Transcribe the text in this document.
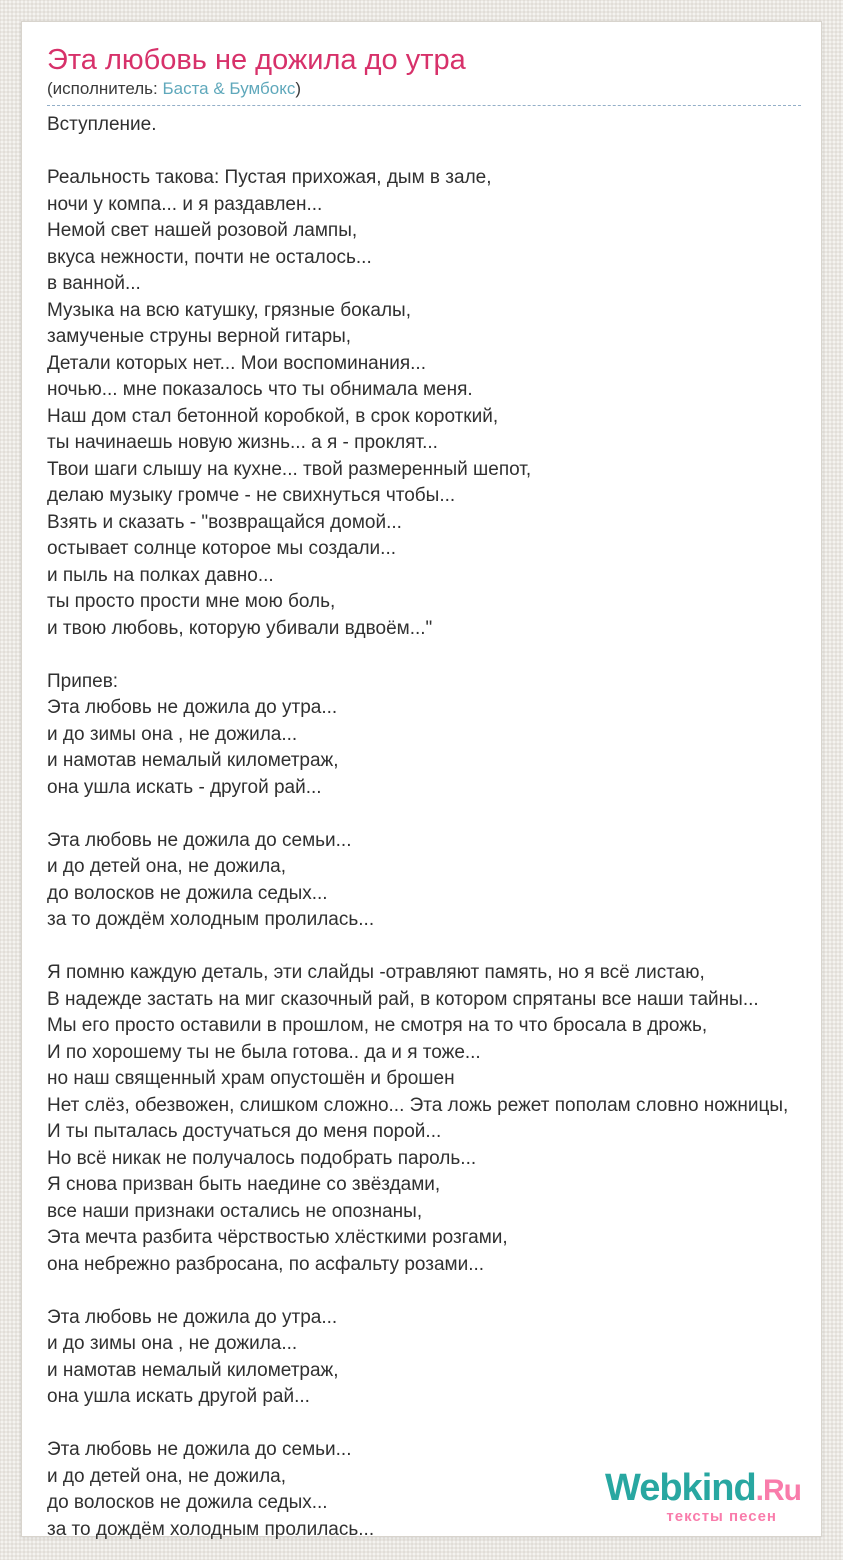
Эта любовь не дожила до утра
(исполнитель: Баста & Бумбокс)
Вступление.

Реальность такова: Пустая прихожая, дым в зале,
ночи у компа... и я раздавлен...
Немой свет нашей розовой лампы,
вкуса нежности, почти не осталось...
в ванной...
Музыка на всю катушку, грязные бокалы,
замученые струны верной гитары,
Детали которых нет... Мои воспоминания...
ночью... мне показалось что ты обнимала меня.
Наш дом стал бетонной коробкой, в срок короткий,
ты начинаешь новую жизнь... а я - проклят...
Твои шаги слышу на кухне... твой размеренный шепот,
делаю музыку громче - не свихнуться чтобы...
Взять и сказать - "возвращайся домой...
остывает солнце которое мы создали...
и пыль на полках давно...
ты просто прости мне мою боль,
и твою любовь, которую убивали вдвоём..."

Припев:
Эта любовь не дожила до утра...
и до зимы она , не дожила...
и намотав немалый километраж,
она ушла искать - другой рай...

Эта любовь не дожила до семьи...
и до детей она, не дожила,
до волосков не дожила седых...
за то дождём холодным пролилась...

Я помню каждую деталь, эти слайды -отравляют память, но я всё листаю,
В надежде застать на миг сказочный рай, в котором спрятаны все наши тайны...
Мы его просто оставили в прошлом, не смотря на то что бросала в дрожь,
И по хорошему ты не была готова.. да и я тоже...
но наш священный храм опустошён и брошен
Нет слёз, обезвожен, слишком сложно... Эта ложь режет пополам словно ножницы,
И ты пыталась достучаться до меня порой...
Но всё никак не получалось подобрать пароль...
Я снова призван быть наедине со звёздами,
все наши признаки остались не опознаны,
Эта мечта разбита чёрствостью хлёсткими розгами,
она небрежно разбросана, по асфальту розами...

Эта любовь не дожила до утра...
и до зимы она , не дожила...
и намотав немалый километраж,
она ушла искать другой рай...

Эта любовь не дожила до семьи...
и до детей она, не дожила,
до волосков не дожила седых...
за то дождём холодным пролилась...
Webkind.Ru
тексты песен
